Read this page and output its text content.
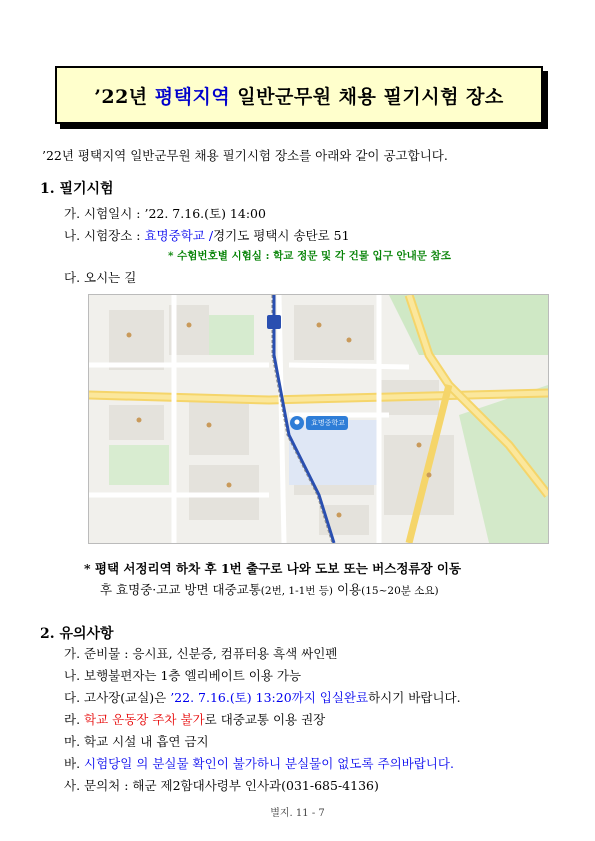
’22년 평택지역 일반군무원 채용 필기시험 장소
’22년 평택지역 일반군무원 채용 필기시험 장소를 아래와 같이 공고합니다.
1. 필기시험
가. 시험일시 : ’22. 7.16.(토) 14:00
나. 시험장소 : 효명중학교 /경기도 평택시 송탄로 51
* 수험번호별 시험실 : 학교 정문 및 각 건물 입구 안내문 참조
다. 오시는 길
효명중학교
* 평택 서정리역 하차 후 1번 출구로 나와 도보 또는 버스정류장 이동
후 효명중·고교 방면 대중교통(2번, 1-1번 등) 이용(15~20분 소요)
2. 유의사항
가. 준비물 : 응시표, 신분증, 컴퓨터용 흑색 싸인펜
나. 보행불편자는 1층 엘리베이트 이용 가능
다. 고사장(교실)은 ’22. 7.16.(토) 13:20까지 입실완료하시기 바랍니다.
라. 학교 운동장 주차 불가로 대중교통 이용 권장
마. 학교 시설 내 흡연 금지
바. 시험당일 의 분실물 확인이 불가하니 분실물이 없도록 주의바랍니다.
사. 문의처 : 해군 제2함대사령부 인사과(031-685-4136)
별지. 11 - 7
